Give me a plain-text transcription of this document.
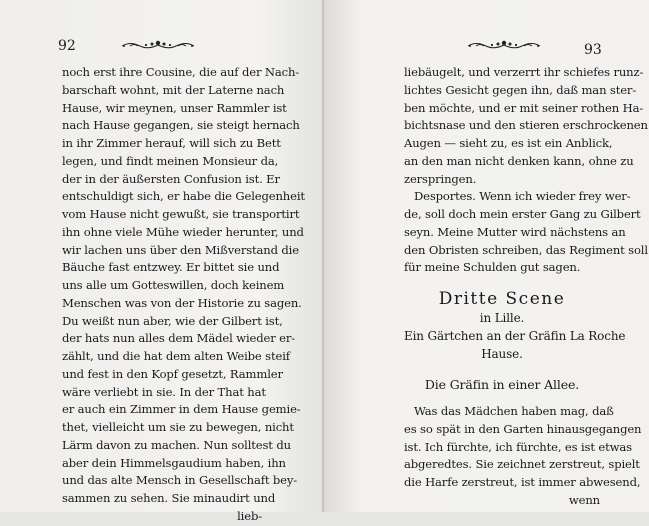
92
noch erst ihre Cousine, die auf der Nach-
barschaft wohnt, mit der Laterne nach
Hause, wir meynen, unser Rammler ist
nach Hause gegangen, sie steigt hernach
in ihr Zimmer herauf, will sich zu Bett
legen, und findt meinen Monsieur da,
der in der äußersten Confusion ist. Er
entschuldigt sich, er habe die Gelegenheit
vom Hause nicht gewußt, sie transportirt
ihn ohne viele Mühe wieder herunter, und
wir lachen uns über den Mißverstand die
Bäuche fast entzwey. Er bittet sie und
uns alle um Gotteswillen, doch keinem
Menschen was von der Historie zu sagen.
Du weißt nun aber, wie der Gilbert ist,
der hats nun alles dem Mädel wieder er-
zählt, und die hat dem alten Weibe steif
und fest in den Kopf gesetzt, Rammler
wäre verliebt in sie. In der That hat
er auch ein Zimmer in dem Hause gemie-
thet, vielleicht um sie zu bewegen, nicht
Lärm davon zu machen. Nun solltest du
aber dein Himmelsgaudium haben, ihn
und das alte Mensch in Gesellschaft bey-
sammen zu sehen. Sie minaudirt und
lieb-
93
liebäugelt, und verzerrt ihr schiefes runz-
lichtes Gesicht gegen ihn, daß man ster-
ben möchte, und er mit seiner rothen Ha-
bichtsnase und den stieren erschrockenen
Augen — sieht zu, es ist ein Anblick,
an den man nicht denken kann, ohne zu
zerspringen.
Desportes. Wenn ich wieder frey wer-
de, soll doch mein erster Gang zu Gilbert
seyn. Meine Mutter wird nächstens an
den Obristen schreiben, das Regiment soll
für meine Schulden gut sagen.
Dritte Scene
in Lille.
Ein Gärtchen an der Gräfin La Roche
Hause.
Die Gräfin in einer Allee.
Was das Mädchen haben mag, daß
es so spät in den Garten hinausgegangen
ist. Ich fürchte, ich fürchte, es ist etwas
abgeredtes. Sie zeichnet zerstreut, spielt
die Harfe zerstreut, ist immer abwesend,
wenn
